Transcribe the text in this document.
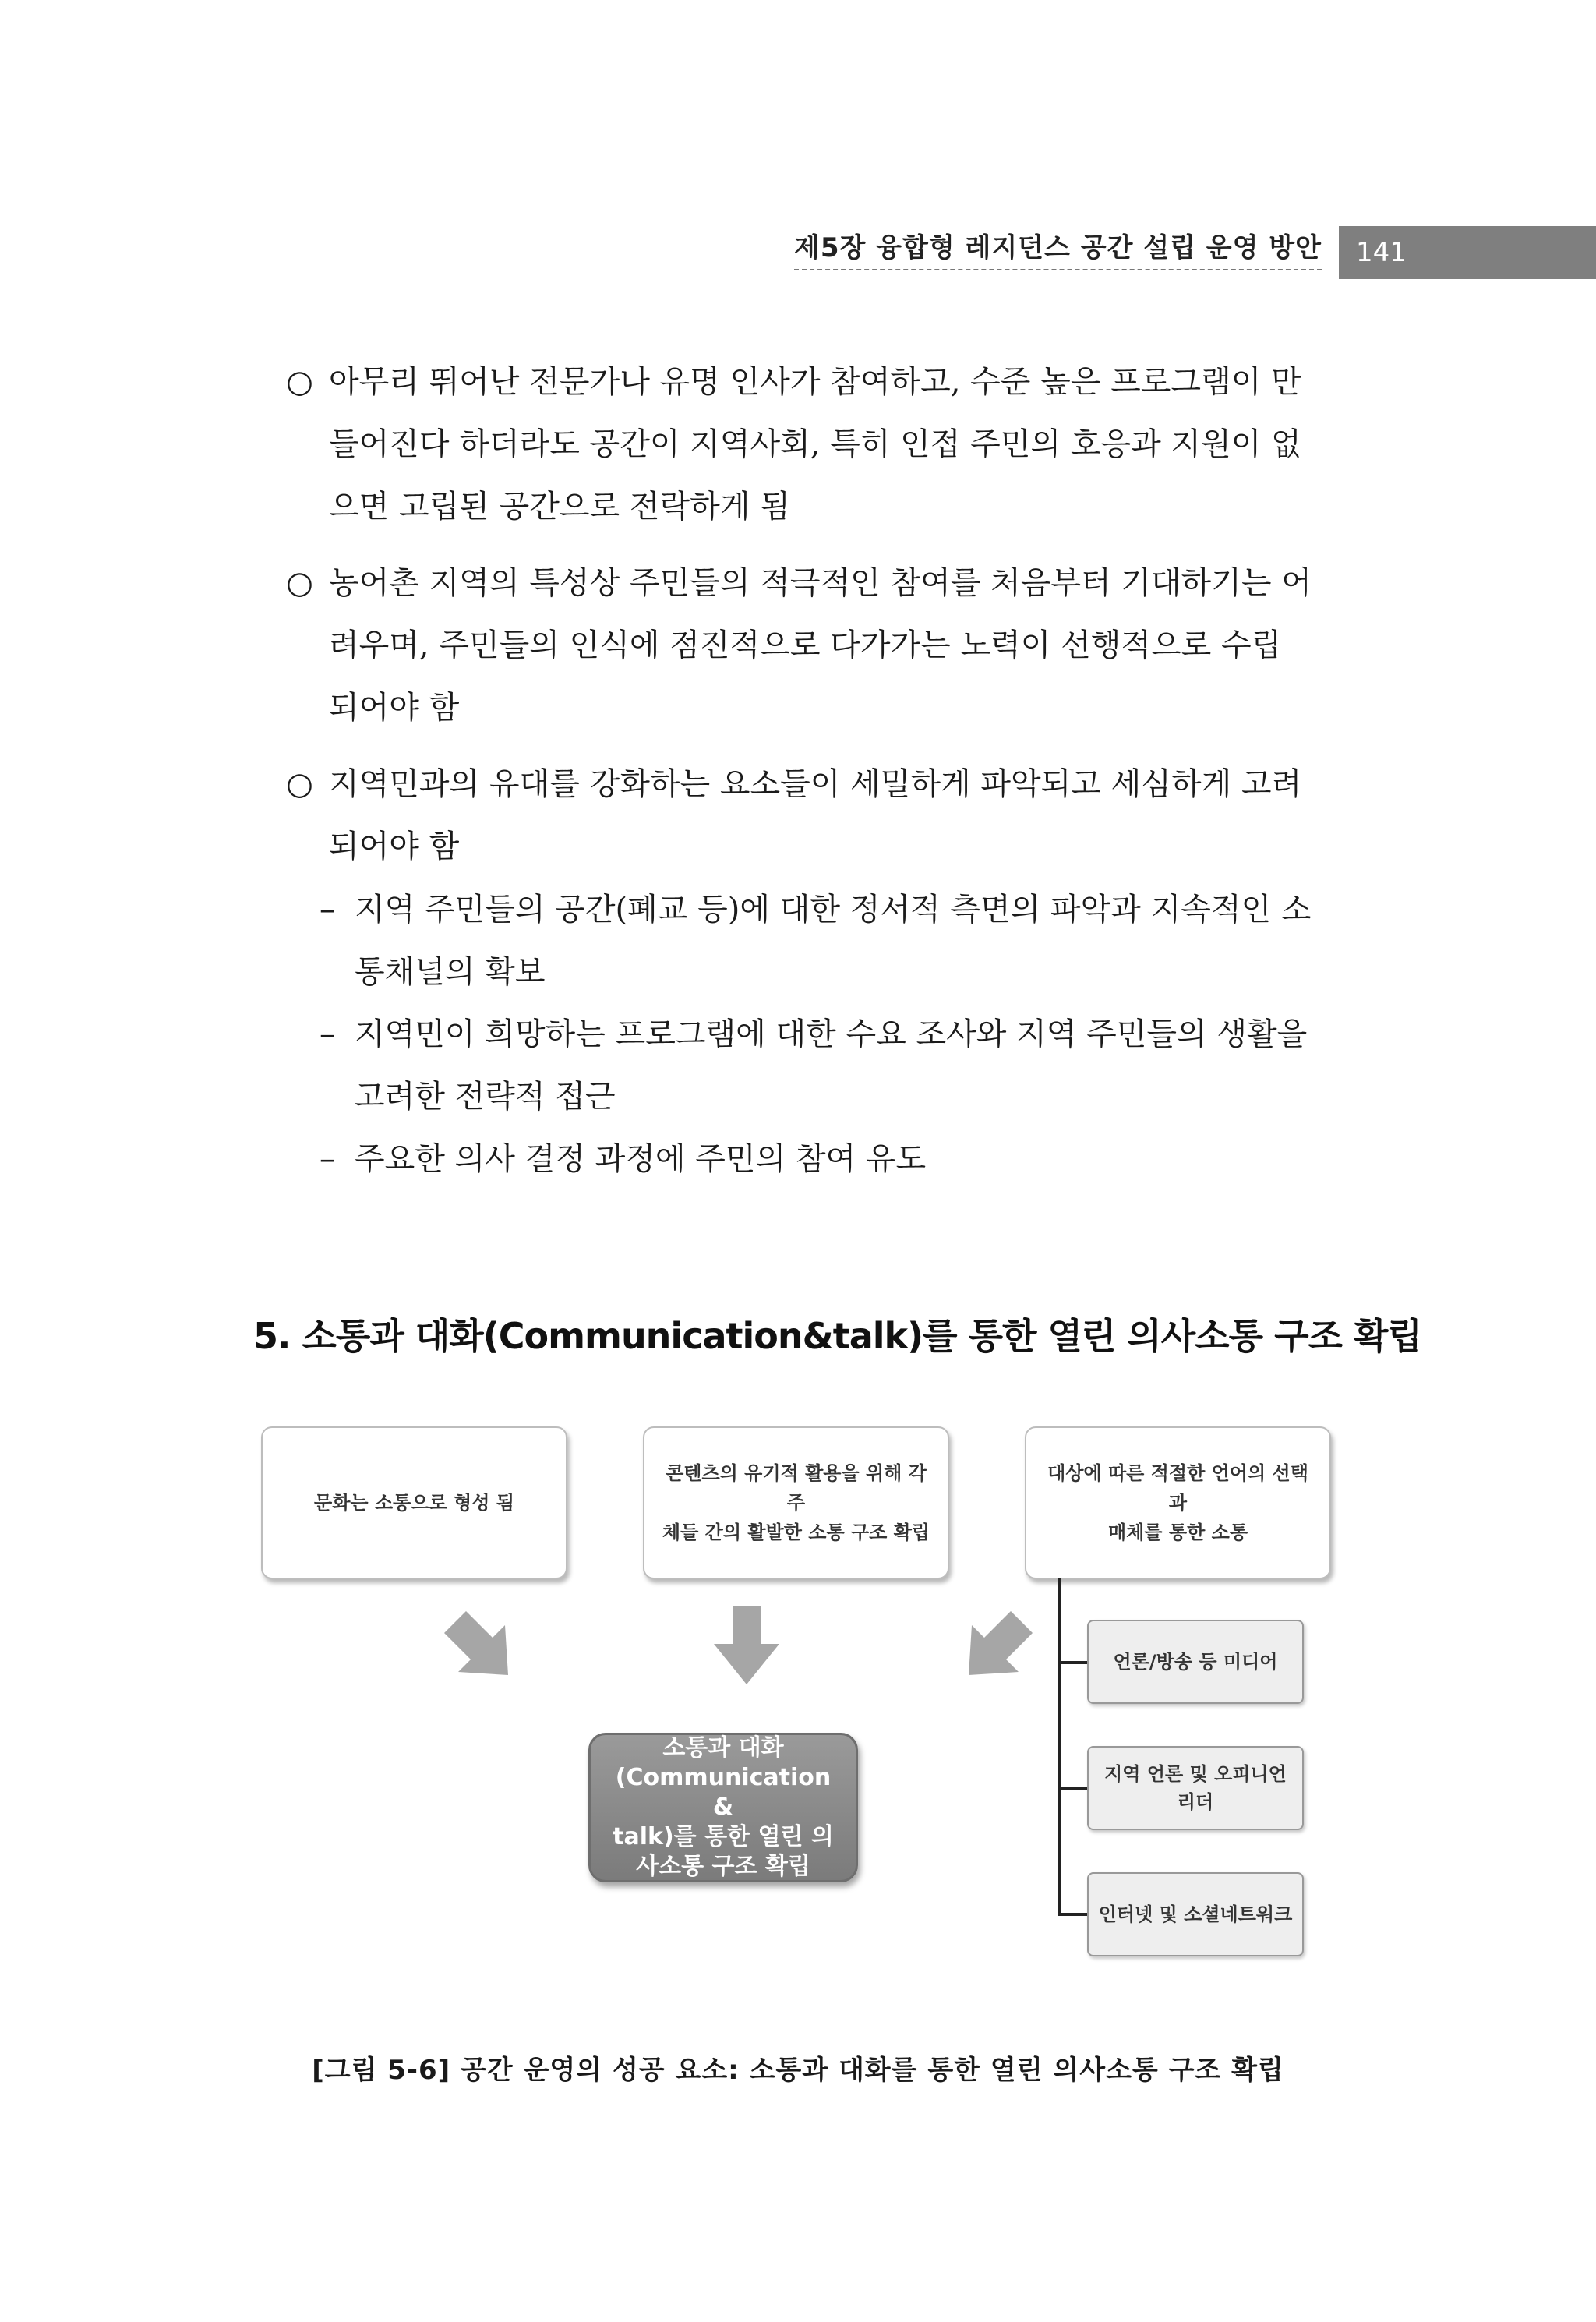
제5장 융합형 레지던스 공간 설립 운영 방안	141
○ 아무리 뛰어난 전문가나 유명 인사가 참여하고, 수준 높은 프로그램이 만
들어진다 하더라도 공간이 지역사회, 특히 인접 주민의 호응과 지원이 없
으면 고립된 공간으로 전락하게 됨
○ 농어촌 지역의 특성상 주민들의 적극적인 참여를 처음부터 기대하기는 어
려우며, 주민들의 인식에 점진적으로 다가가는 노력이 선행적으로 수립
되어야 함
○ 지역민과의 유대를 강화하는 요소들이 세밀하게 파악되고 세심하게 고려
되어야 함
– 지역 주민들의 공간(폐교 등)에 대한 정서적 측면의 파악과 지속적인 소
통채널의 확보
– 지역민이 희망하는 프로그램에 대한 수요 조사와 지역 주민들의 생활을
고려한 전략적 접근
– 주요한 의사 결정 과정에 주민의 참여 유도
5. 소통과 대화(Communication&talk)를 통한 열린 의사소통 구조 확립
문화는 소통으로 형성 됨
콘텐츠의 유기적 활용을 위해 각 주
체들 간의 활발한 소통 구조 확립
대상에 따른 적절한 언어의 선택과
매체를 통한 소통
소통과 대화
(Communication &
talk)를 통한 열린 의
사소통 구조 확립
언론/방송 등 미디어
지역 언론 및 오피니언
리더
인터넷 및 소셜네트워크
[그림 5-6] 공간 운영의 성공 요소: 소통과 대화를 통한 열린 의사소통 구조 확립
